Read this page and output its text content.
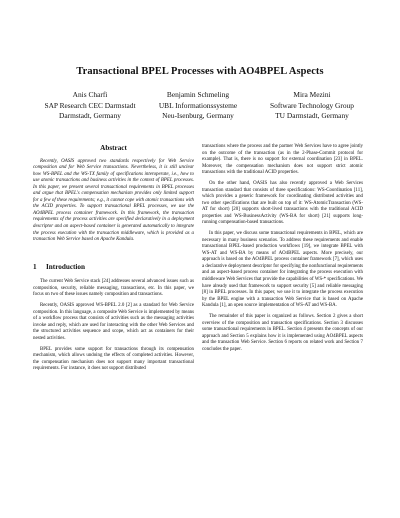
Transactional BPEL Processes with AO4BPEL Aspects
Anis Charfi
SAP Research CEC Darmstadt
Darmstadt, Germany
Benjamin Schmeling
UBL Informationssysteme
Neu-Isenburg, Germany
Mira Mezini
Software Technology Group
TU Darmstadt, Germany
Abstract

Recently, OASIS approved two standards respectively for Web Service composition and for Web Service transactions. Nevertheless, it is still unclear how WS-BPEL and the WS-TX family of specifications interoperate, i.e., how to use atomic transactions and business activities in the context of BPEL processes. In this paper, we present several transactional requirements in BPEL processes and argue that BPEL's compensation mechanism provides only limited support for a few of these requirements; e.g., it cannot cope with atomic transactions with the ACID properties. To support transactional BPEL processes, we use the AO4BPEL process container framework. In this framework, the transaction requirements of the process activities are specified declaratively in a deployment descriptor and an aspect-based container is generated automatically to integrate the process execution with the transaction middleware, which is provided as a transaction Web Service based on Apache Kandula.

1 Introduction

The current Web Service stack [24] addresses several advanced issues such as composition, security, reliable messaging, transactions, etc. In this paper, we focus on two of these issues namely composition and transactions.

Recently, OASIS approved WS-BPEL 2.0 [2] as a standard for Web Service composition. In this language, a composite Web Service is implemented by means of a workflow process that consists of activities such as the messaging activities invoke and reply, which are used for interacting with the other Web Services and the structured activities sequence and scope, which act as containers for their nested activities.

BPEL provides some support for transactions through its compensation mechanism, which allows undoing the effects of completed activities. However, the compensation mechanism does not support many important transactional requirements. For instance, it does not support distributed

transactions where the process and the partner Web Services have to agree jointly on the outcome of the transaction (as in the 2-Phase-Commit protocol for example). That is, there is no support for external coordination [23] in BPEL. Moreover, the compensation mechanism does not support strict atomic transactions with the traditional ACID properties.

On the other hand, OASIS has also recently approved a Web Services transaction standard that consists of three specifications: WS-Coordination [11], which provides a generic framework for coordinating distributed activities and two other specifications that are built on top of it: WS-AtomicTransaction (WS-AT for short) [20] supports short-lived transactions with the traditional ACID properties and WS-BusinessActivity (WS-BA for short) [21] supports long-running compensation-based transactions.

In this paper, we discuss some transactional requirements in BPEL, which are necessary in many business scenarios. To address these requirements and enable transactional BPEL-based production workflows [19], we integrate BPEL with WS-AT and WS-BA by means of AO4BPEL aspects. More precisely, our approach is based on the AO4BPEL process container framework [7], which uses a declarative deployment descriptor for specifying the nonfunctional requirements and an aspect-based process container for integrating the process execution with middleware Web Services that provide the capabilities of WS-* specifications. We have already used that framework to support security [5] and reliable messaging [8] in BPEL processes. In this paper, we use it to integrate the process execution by the BPEL engine with a transaction Web Service that is based on Apache Kandula [1], an open source implementation of WS-AT and WS-BA.

The remainder of this paper is organized as follows. Section 2 gives a short overview of the composition and transaction specifications. Section 3 discusses some transactional requirements in BPEL. Section 4 presents the concepts of our approach and Section 5 explains how it is implemented using AO4BPEL aspects and the transaction Web Service. Section 6 reports on related work and Section 7 concludes the paper.
